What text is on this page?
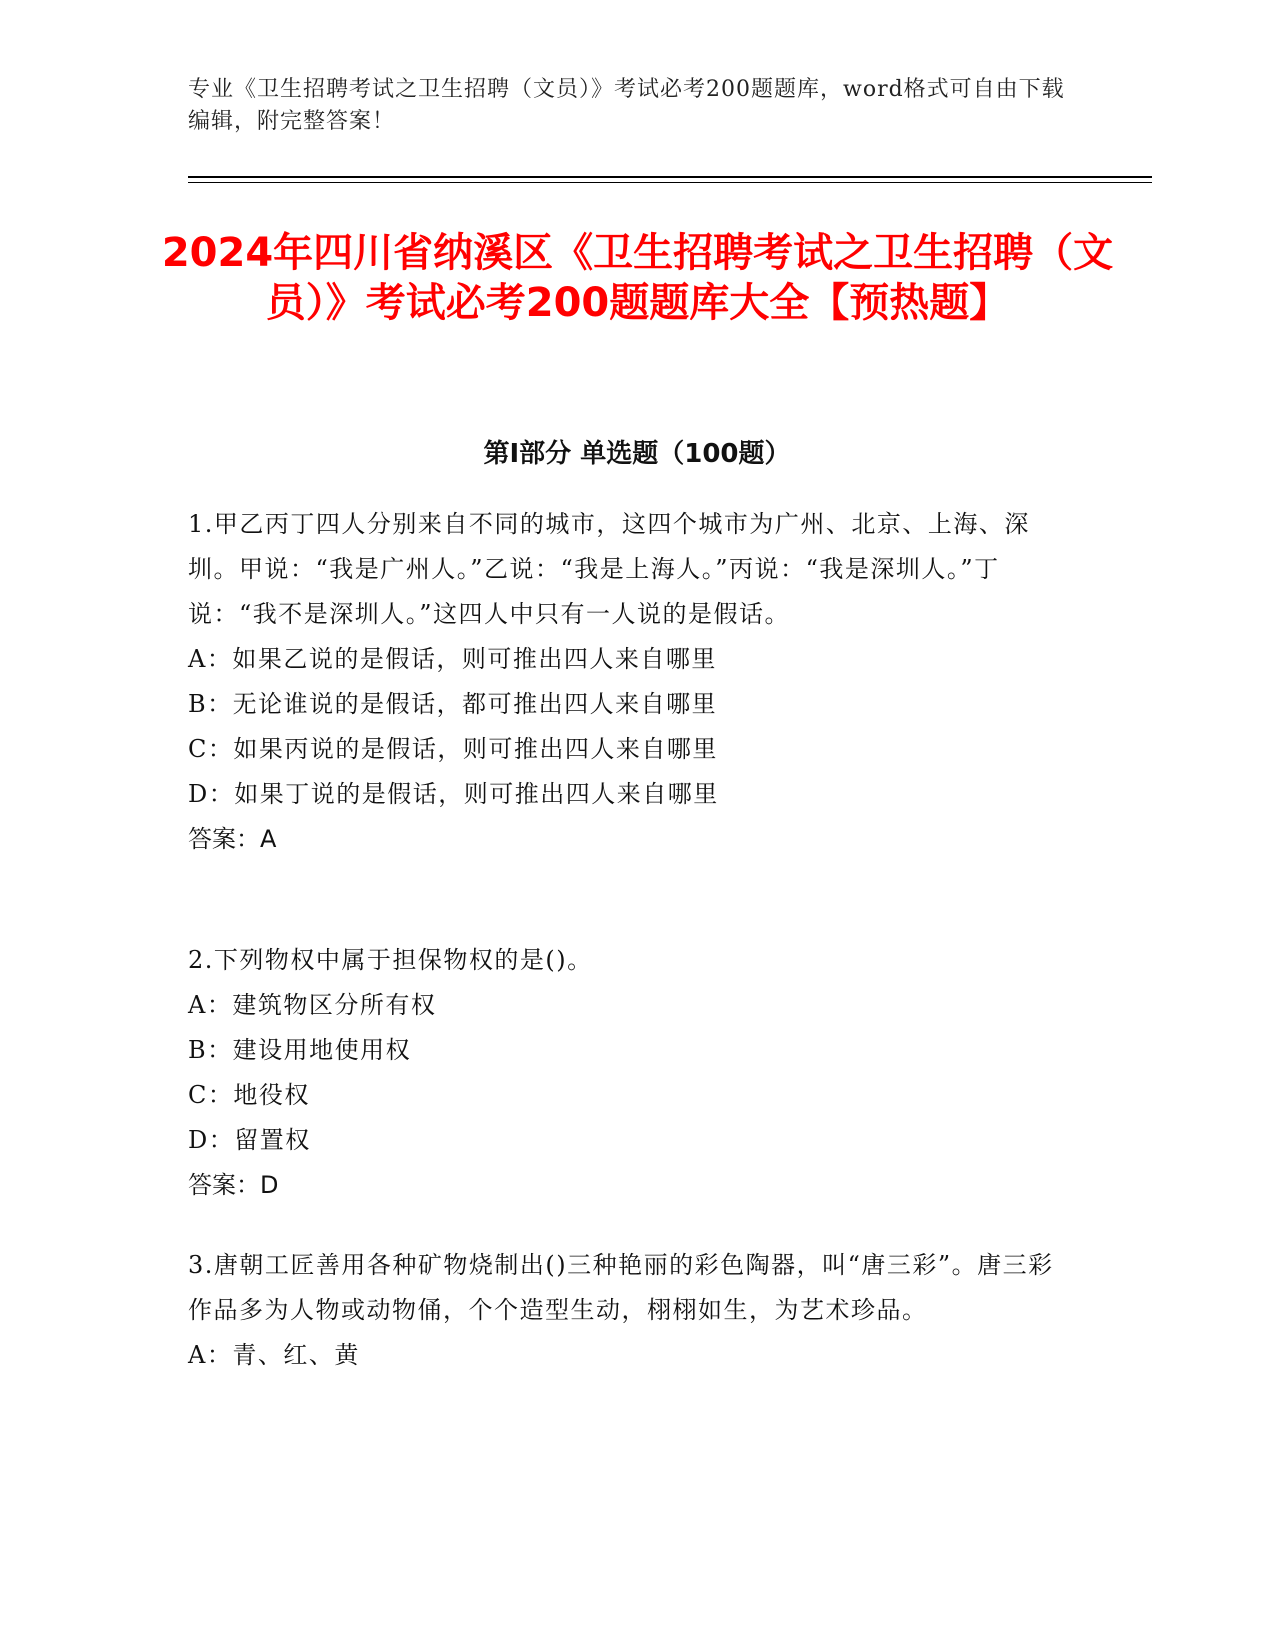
专业《卫生招聘考试之卫生招聘（文员）》考试必考200题题库，word格式可自由下载编辑，附完整答案！

2024年四川省纳溪区《卫生招聘考试之卫生招聘（文员）》考试必考200题题库大全【预热题】
第I部分 单选题（100题）

1.甲乙丙丁四人分别来自不同的城市，这四个城市为广州、北京、上海、深圳。甲说：“我是广州人。”乙说：“我是上海人。”丙说：“我是深圳人。”丁说：“我不是深圳人。”这四人中只有一人说的是假话。

A：如果乙说的是假话，则可推出四人来自哪里

B：无论谁说的是假话，都可推出四人来自哪里

C：如果丙说的是假话，则可推出四人来自哪里

D：如果丁说的是假话，则可推出四人来自哪里

答案：A

2.下列物权中属于担保物权的是()。

A：建筑物区分所有权

B：建设用地使用权

C：地役权

D：留置权

答案：D

3.唐朝工匠善用各种矿物烧制出()三种艳丽的彩色陶器，叫“唐三彩”。唐三彩作品多为人物或动物俑，个个造型生动，栩栩如生，为艺术珍品。

A：青、红、黄
